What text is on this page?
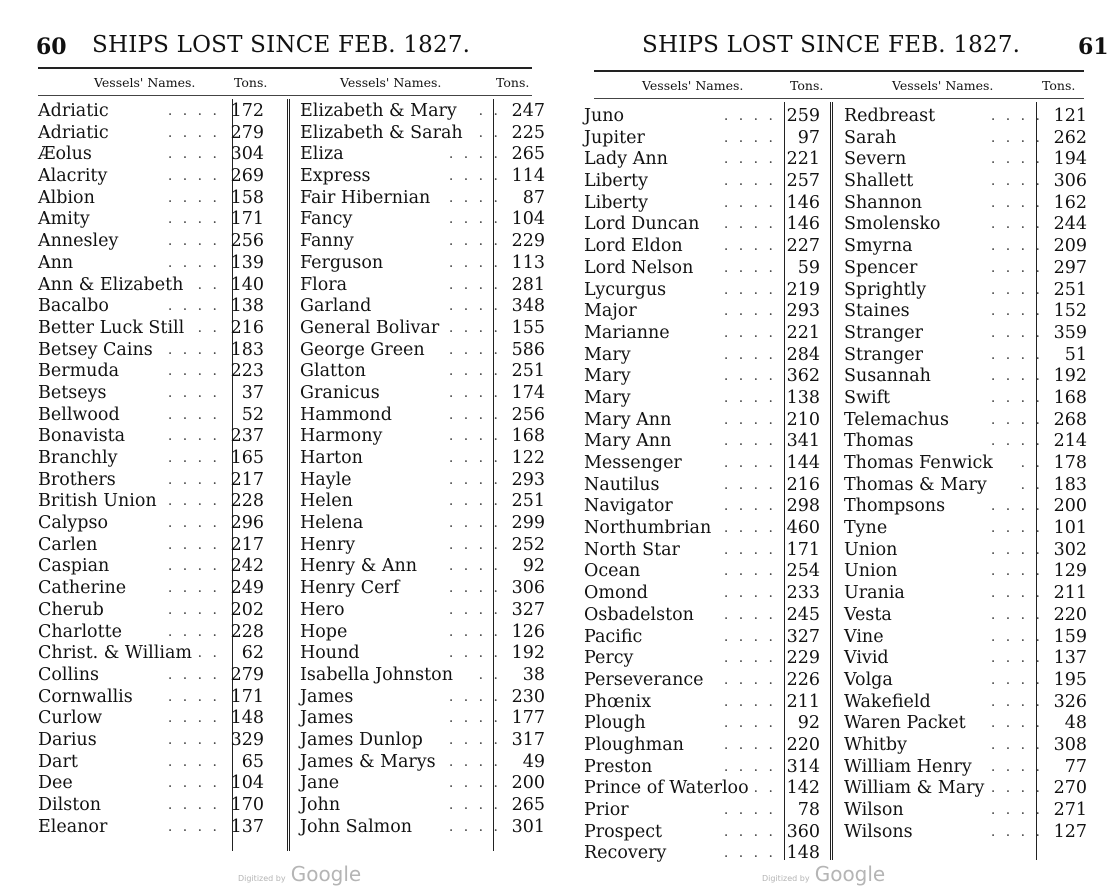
60 SHIPS LOST SINCE FEB. 1827.
Vessels' Names.	Tons.	Vessels' Names.	Tons.
Adriatic	. . . . 172
Adriatic	. . . . 279
Æolus	. . . . 304
Alacrity	. . . . 269
Albion	. . . . 158
Amity	. . . . 171
Annesley	. . . . 256
Ann	. . . . 139
Ann & Elizabeth . . 140
Bacalbo	. . . . 138
Better Luck Still . . 216
Betsey Cains . . . . 183
Bermuda	. . . . 223
Betseys	. . . . 37
Bellwood	. . . . 52
Bonavista	. . . . 237
Branchly	. . . . 165
Brothers	. . . . 217
British Union . . . . 228
Calypso	. . . . 296
Carlen	. . . . 217
Caspian	. . . . 242
Catherine	. . . . 249
Cherub	. . . . 202
Charlotte	. . . . 228
Christ. & William . . 62
Collins	. . . . 279
Cornwallis	. . . . 171
Curlow	. . . . 148
Darius	. . . . 329
Dart	. . . . 65
Dee	. . . . 104
Dilston	. . . . 170
Eleanor	. . . . 137
Elizabeth & Mary . . 247
Elizabeth & Sarah . . 225
Eliza	. . . . 265
Express	. . . . 114
Fair Hibernian . . . . 87
Fancy	. . . . 104
Fanny	. . . . 229
Ferguson	. . . . 113
Flora	. . . . 281
Garland	. . . . 348
General Bolivar . . . . 155
George Green . . . . 586
Glatton	. . . . 251
Granicus	. . . . 174
Hammond	. . . . 256
Harmony	. . . . 168
Harton	. . . . 122
Hayle	. . . . 293
Helen	. . . . 251
Helena	. . . . 299
Henry	. . . . 252
Henry & Ann . . . . 92
Henry Cerf	. . . . 306
Hero	. . . . 327
Hope	. . . . 126
Hound	. . . . 192
Isabella Johnston . . 38
James	. . . . 230
James	. . . . 177
James Dunlop . . . . 317
James & Marys . . . . 49
Jane	. . . . 200
John	. . . . 265
John Salmon	. . . . 301
Digitized by Google
SHIPS LOST SINCE FEB. 1827.	61
Vessels' Names.	Tons.	Vessels' Names.	Tons.
Juno	. . . . 259
Jupiter	. . . . 97
Lady Ann	. . . . 221
Liberty	. . . . 257
Liberty	. . . . 146
Lord Duncan . . . . 146
Lord Eldon	. . . . 227
Lord Nelson . . . . 59
Lycurgus	. . . . 219
Major	. . . . 293
Marianne	. . . . 221
Mary	. . . . 284
Mary	. . . . 362
Mary	. . . . 138
Mary Ann	. . . . 210
Mary Ann	. . . . 341
Messenger	. . . . 144
Nautilus	. . . . 216
Navigator	. . . . 298
Northumbrian . . . . 460
North Star	. . . . 171
Ocean	. . . . 254
Omond	. . . . 233
Osbadelston . . . . 245
Pacific	. . . . 327
Percy	. . . . 229
Perseverance . . . . 226
Phœnix	. . . . 211
Plough	. . . . 92
Ploughman	. . . . 220
Preston	. . . . 314
Prince of Waterloo . . 142
Prior	. . . . 78
Prospect	. . . . 360
Recovery	. . . . 148
Redbreast	. . . . 121
Sarah	. . . . 262
Severn	. . . . 194
Shallett	. . . . 306
Shannon	. . . . 162
Smolensko	. . . . 244
Smyrna	. . . . 209
Spencer	. . . . 297
Sprightly	. . . . 251
Staines	. . . . 152
Stranger	. . . . 359
Stranger	. . . . 51
Susannah	. . . . 192
Swift	. . . . 168
Telemachus	. . . . 268
Thomas	. . . . 214
Thomas Fenwick . . 178
Thomas & Mary . . 183
Thompsons	. . . . 200
Tyne	. . . . 101
Union	. . . . 302
Union	. . . . 129
Urania	. . . . 211
Vesta	. . . . 220
Vine	. . . . 159
Vivid	. . . . 137
Volga	. . . . 195
Wakefield	. . . . 326
Waren Packet . . . . 48
Whitby	. . . . 308
William Henry . . . . 77
William & Mary . . . . 270
Wilson	. . . . 271
Wilsons	. . . . 127
Digitized by Google
